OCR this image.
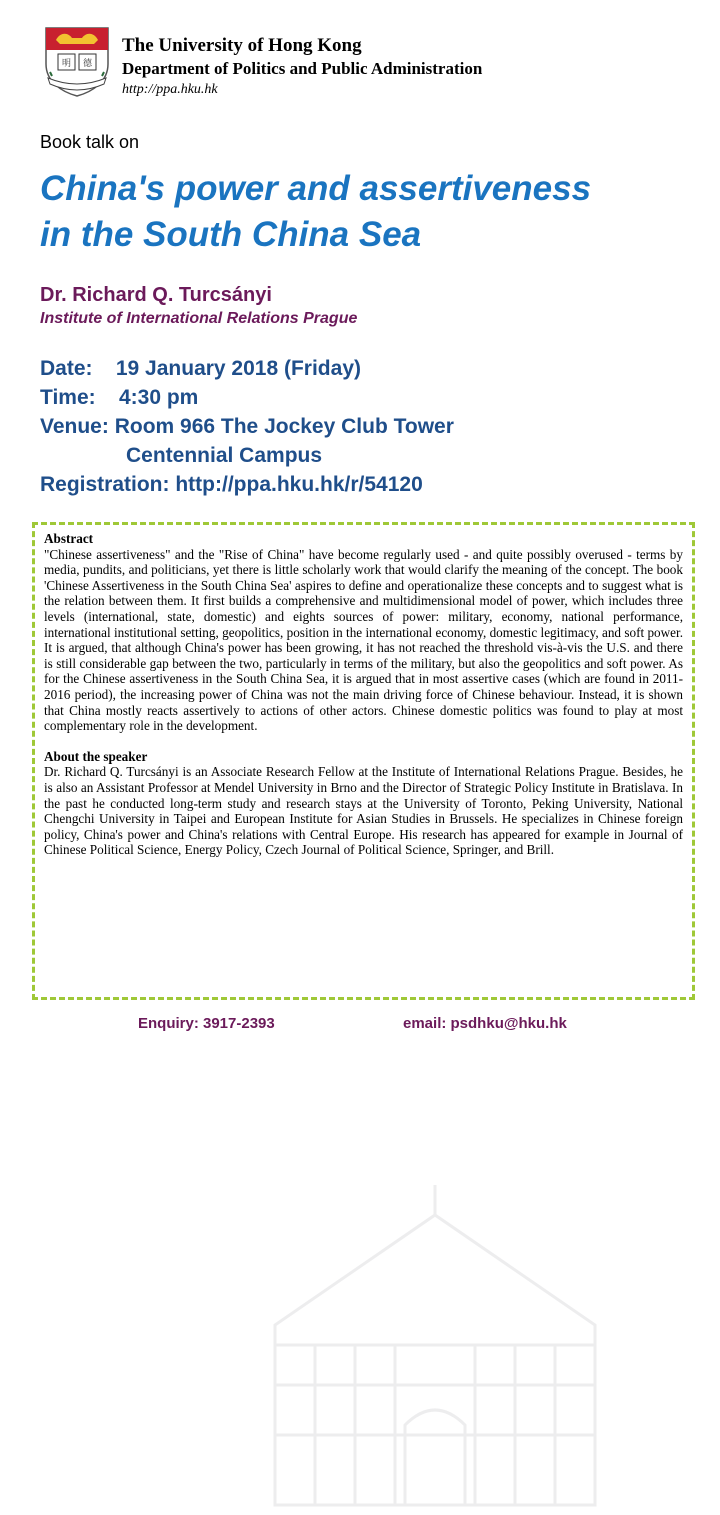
明 德
The University of Hong Kong
Department of Politics and Public Administration
http://ppa.hku.hk
Book talk on
China's power and assertiveness
in the South China Sea
Dr. Richard Q. Turcsányi
Institute of International Relations Prague
Date: 19 January 2018 (Friday)
Time: 4:30 pm
Venue: Room 966 The Jockey Club Tower
Centennial Campus
Registration: http://ppa.hku.hk/r/54120
Abstract

"Chinese assertiveness" and the "Rise of China" have become regularly used - and quite possibly overused - terms by media, pundits, and politicians, yet there is little scholarly work that would clarify the meaning of the concept. The book 'Chinese Assertiveness in the South China Sea' aspires to define and operationalize these concepts and to suggest what is the relation between them. It first builds a comprehensive and multidimensional model of power, which includes three levels (international, state, domestic) and eights sources of power: military, economy, national performance, international institutional setting, geopolitics, position in the international economy, domestic legitimacy, and soft power. It is argued, that although China's power has been growing, it has not reached the threshold vis-à-vis the U.S. and there is still considerable gap between the two, particularly in terms of the military, but also the geopolitics and soft power. As for the Chinese assertiveness in the South China Sea, it is argued that in most assertive cases (which are found in 2011-2016 period), the increasing power of China was not the main driving force of Chinese behaviour. Instead, it is shown that China mostly reacts assertively to actions of other actors. Chinese domestic politics was found to play at most complementary role in the development.

About the speaker

Dr. Richard Q. Turcsányi is an Associate Research Fellow at the Institute of International Relations Prague. Besides, he is also an Assistant Professor at Mendel University in Brno and the Director of Strategic Policy Institute in Bratislava. In the past he conducted long-term study and research stays at the University of Toronto, Peking University, National Chengchi University in Taipei and European Institute for Asian Studies in Brussels. He specializes in Chinese foreign policy, China's power and China's relations with Central Europe. His research has appeared for example in Journal of Chinese Political Science, Energy Policy, Czech Journal of Political Science, Springer, and Brill.

Enquiry: 3917-2393	email: psdhku@hku.hk
